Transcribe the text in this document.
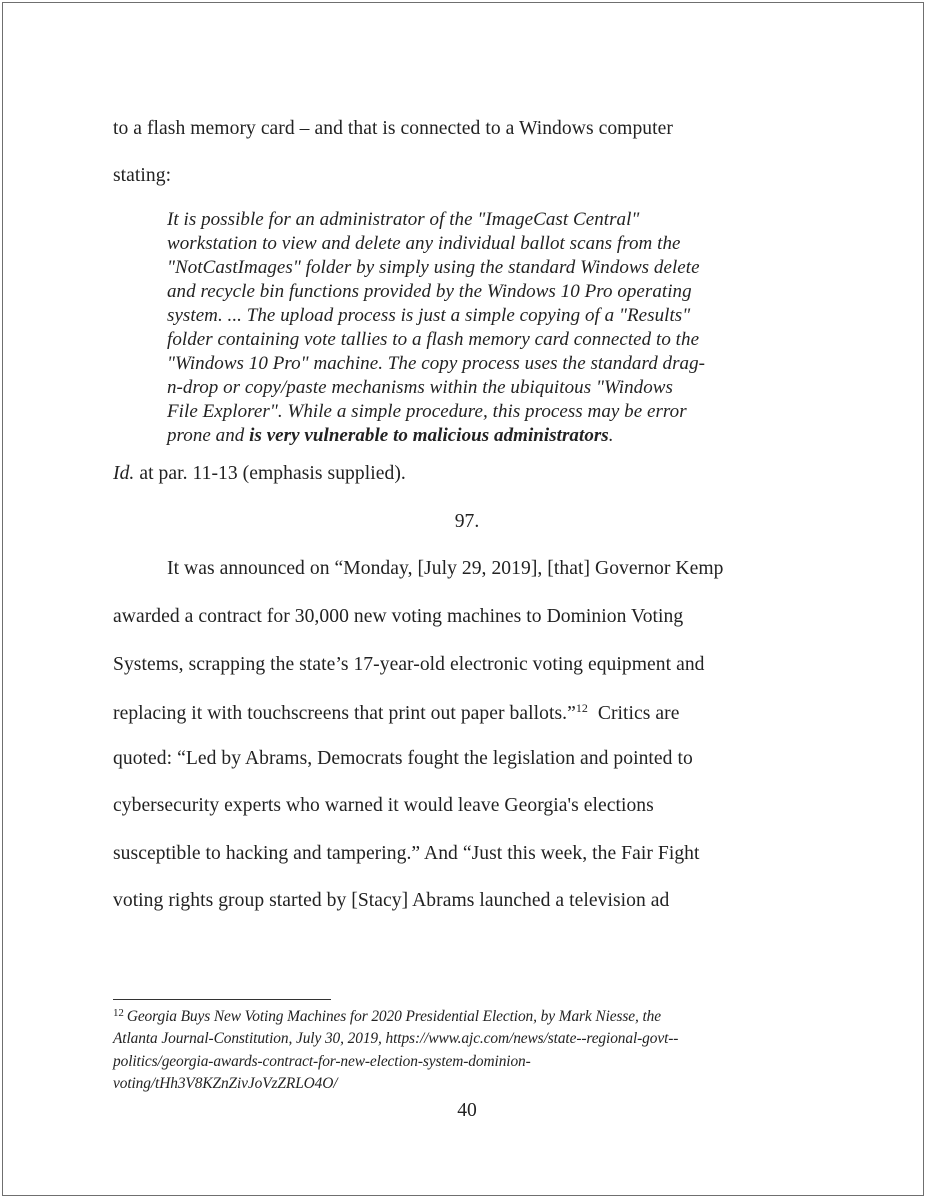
to a flash memory card – and that is connected to a Windows computer
stating:
It is possible for an administrator of the "ImageCast Central"
workstation to view and delete any individual ballot scans from the
"NotCastImages" folder by simply using the standard Windows delete
and recycle bin functions provided by the Windows 10 Pro operating
system. ... The upload process is just a simple copying of a "Results"
folder containing vote tallies to a flash memory card connected to the
"Windows 10 Pro" machine. The copy process uses the standard drag-
n-drop or copy/paste mechanisms within the ubiquitous "Windows
File Explorer". While a simple procedure, this process may be error
prone and is very vulnerable to malicious administrators.
Id. at par. 11-13 (emphasis supplied).
97.
It was announced on “Monday, [July 29, 2019], [that] Governor Kemp
awarded a contract for 30,000 new voting machines to Dominion Voting
Systems, scrapping the state’s 17-year-old electronic voting equipment and
replacing it with touchscreens that print out paper ballots.”$^{12}$  Critics are
quoted: “Led by Abrams, Democrats fought the legislation and pointed to
cybersecurity experts who warned it would leave Georgia's elections
susceptible to hacking and tampering.” And “Just this week, the Fair Fight
voting rights group started by [Stacy] Abrams launched a television ad
$^{12}$ Georgia Buys New Voting Machines for 2020 Presidential Election, by Mark Niesse, the
Atlanta Journal-Constitution, July 30, 2019, https://www.ajc.com/news/state--regional-govt--
politics/georgia-awards-contract-for-new-election-system-dominion-
voting/tHh3V8KZnZivJoVzZRLO4O/
40
